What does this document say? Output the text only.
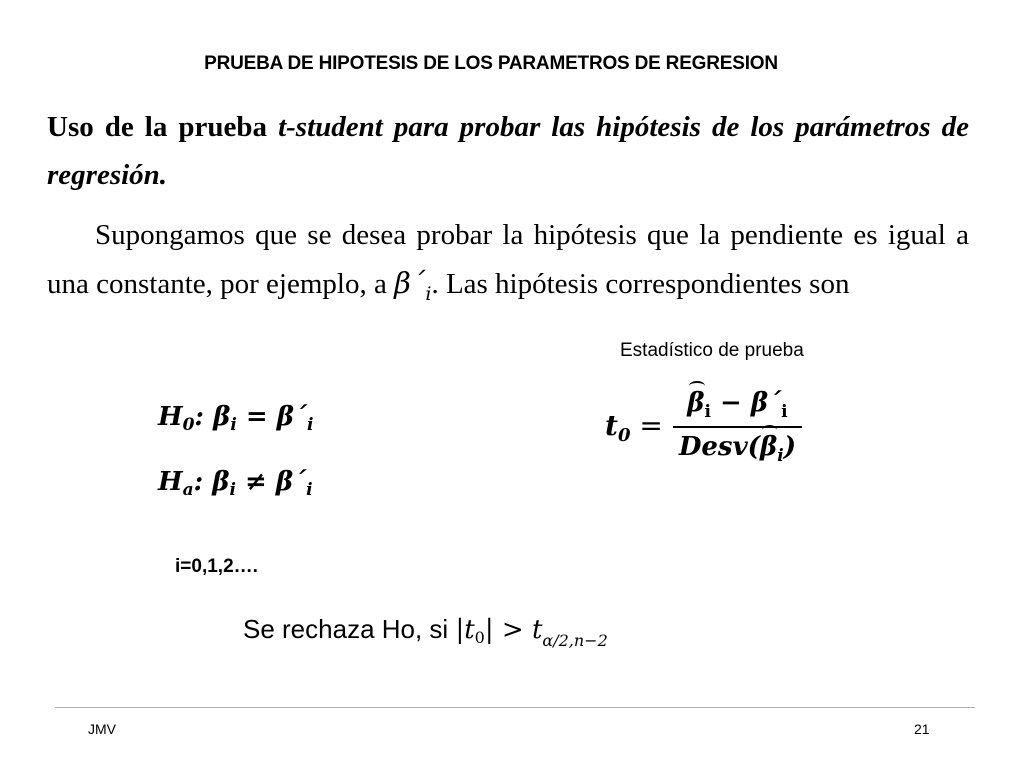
PRUEBA DE HIPOTESIS DE LOS PARAMETROS DE REGRESION
Uso de la prueba t-student para probar las hipótesis de los parámetros de regresión.
Supongamos que se desea probar la hipótesis que la pendiente es igual a una constante, por ejemplo, a $\beta´_i$. Las hipótesis correspondientes son
Estadístico de prueba
$H_0$: $\beta_i$ = $\beta´_i$
$H_a$: $\beta_i$ ≠ $\beta´_i$
$t_0 = \frac{\beta_i - \beta´_i}{Desv(\beta_i)}$
i=0,1,2….
Se rechaza Ho, si $|t_0| > t_{\alpha/2,n-2}$
JMV	21
